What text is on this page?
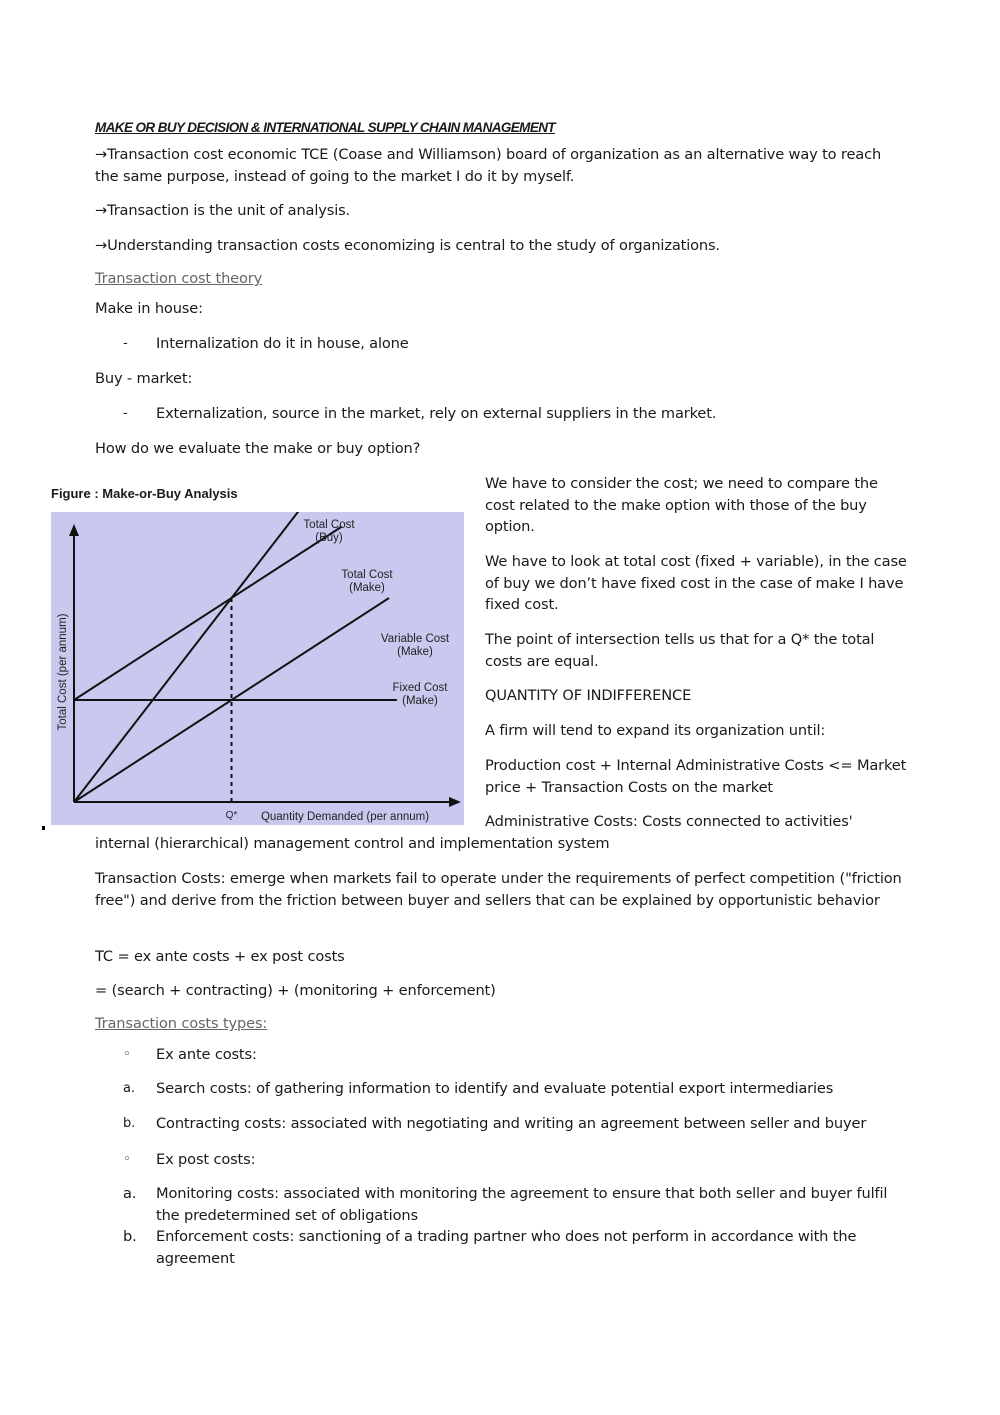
MAKE OR BUY DECISION & INTERNATIONAL SUPPLY CHAIN MANAGEMENT
→Transaction cost economic TCE (Coase and Williamson) board of organization as an alternative way to reach the same purpose, instead of going to the market I do it by myself.
→Transaction is the unit of analysis.
→Understanding transaction costs economizing is central to the study of organizations.
Transaction cost theory
Make in house:
- Internalization do it in house, alone
Buy - market:
- Externalization, source in the market, rely on external suppliers in the market.
How do we evaluate the make or buy option?
Figure : Make-or-Buy Analysis
Total Cost
(Buy)
Total Cost
(Make)
Variable Cost
(Make)
Fixed Cost
(Make)
Q* Quantity Demanded (per annum)
Total Cost (per annum)
We have to consider the cost; we need to compare the cost related to the make option with those of the buy option.
We have to look at total cost (fixed + variable), in the case of buy we don’t have fixed cost in the case of make I have fixed cost.
The point of intersection tells us that for a Q* the total costs are equal.
QUANTITY OF INDIFFERENCE
A firm will tend to expand its organization until:
Production cost + Internal Administrative Costs <= Market price + Transaction Costs on the market
Administrative Costs: Costs connected to activities'
internal (hierarchical) management control and implementation system
Transaction Costs: emerge when markets fail to operate under the requirements of perfect competition ("friction free") and derive from the friction between buyer and sellers that can be explained by opportunistic behavior
TC = ex ante costs + ex post costs
= (search + contracting) + (monitoring + enforcement)
Transaction costs types:
◦ Ex ante costs:
a. Search costs: of gathering information to identify and evaluate potential export intermediaries
b. Contracting costs: associated with negotiating and writing an agreement between seller and buyer
◦ Ex post costs:
a. Monitoring costs: associated with monitoring the agreement to ensure that both seller and buyer fulfil the predetermined set of obligations
b. Enforcement costs: sanctioning of a trading partner who does not perform in accordance with the agreement
